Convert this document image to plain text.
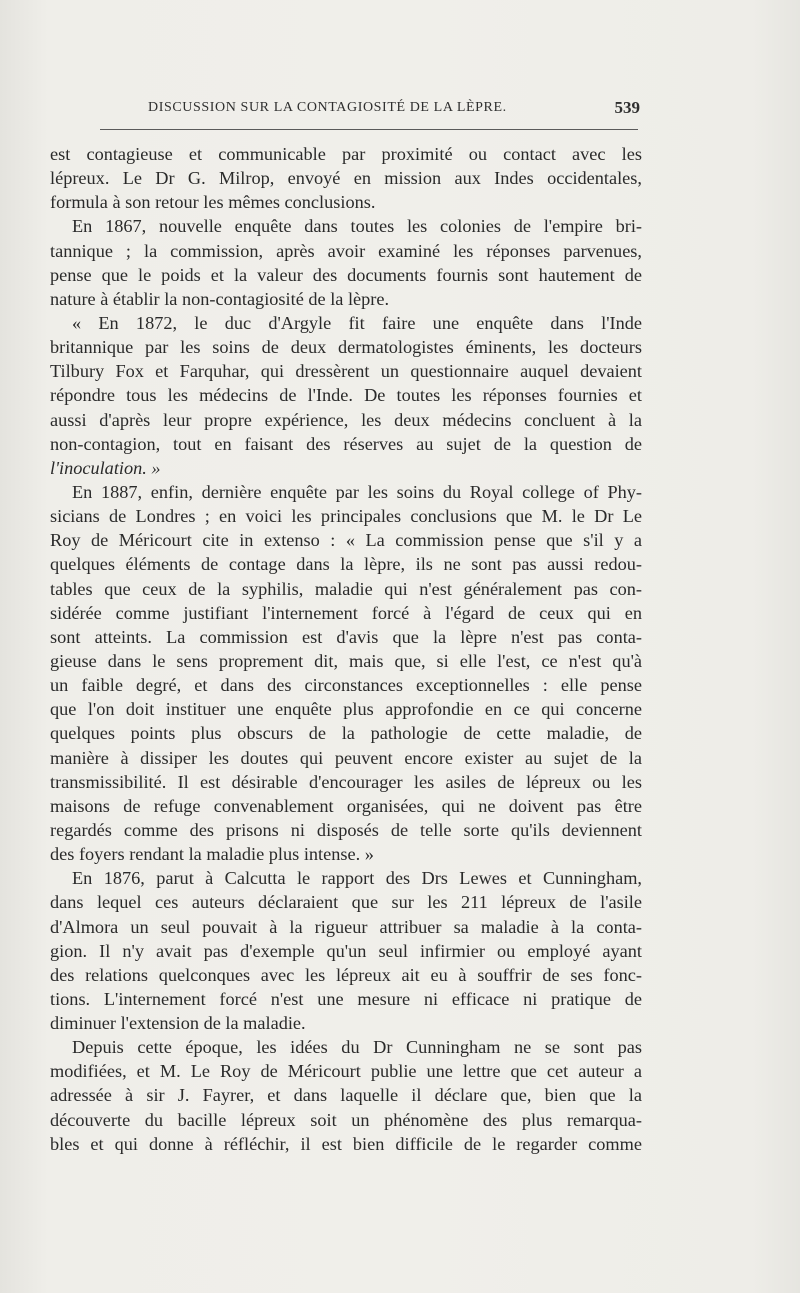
DISCUSSION SUR LA CONTAGIOSITÉ DE LA LÈPRE.	539
est contagieuse et communicable par proximité ou contact avec les
lépreux. Le Dr G. Milrop, envoyé en mission aux Indes occidentales,
formula à son retour les mêmes conclusions.
En 1867, nouvelle enquête dans toutes les colonies de l'empire bri-
tannique ; la commission, après avoir examiné les réponses parvenues,
pense que le poids et la valeur des documents fournis sont hautement de
nature à établir la non-contagiosité de la lèpre.
« En 1872, le duc d'Argyle fit faire une enquête dans l'Inde
britannique par les soins de deux dermatologistes éminents, les docteurs
Tilbury Fox et Farquhar, qui dressèrent un questionnaire auquel devaient
répondre tous les médecins de l'Inde. De toutes les réponses fournies et
aussi d'après leur propre expérience, les deux médecins concluent à la
non-contagion, tout en faisant des réserves au sujet de la question de
l'inoculation. »
En 1887, enfin, dernière enquête par les soins du Royal college of Phy-
sicians de Londres ; en voici les principales conclusions que M. le Dr Le
Roy de Méricourt cite in extenso : « La commission pense que s'il y a
quelques éléments de contage dans la lèpre, ils ne sont pas aussi redou-
tables que ceux de la syphilis, maladie qui n'est généralement pas con-
sidérée comme justifiant l'internement forcé à l'égard de ceux qui en
sont atteints. La commission est d'avis que la lèpre n'est pas conta-
gieuse dans le sens proprement dit, mais que, si elle l'est, ce n'est qu'à
un faible degré, et dans des circonstances exceptionnelles : elle pense
que l'on doit instituer une enquête plus approfondie en ce qui concerne
quelques points plus obscurs de la pathologie de cette maladie, de
manière à dissiper les doutes qui peuvent encore exister au sujet de la
transmissibilité. Il est désirable d'encourager les asiles de lépreux ou les
maisons de refuge convenablement organisées, qui ne doivent pas être
regardés comme des prisons ni disposés de telle sorte qu'ils deviennent
des foyers rendant la maladie plus intense. »
En 1876, parut à Calcutta le rapport des Drs Lewes et Cunningham,
dans lequel ces auteurs déclaraient que sur les 211 lépreux de l'asile
d'Almora un seul pouvait à la rigueur attribuer sa maladie à la conta-
gion. Il n'y avait pas d'exemple qu'un seul infirmier ou employé ayant
des relations quelconques avec les lépreux ait eu à souffrir de ses fonc-
tions. L'internement forcé n'est une mesure ni efficace ni pratique de
diminuer l'extension de la maladie.
Depuis cette époque, les idées du Dr Cunningham ne se sont pas
modifiées, et M. Le Roy de Méricourt publie une lettre que cet auteur a
adressée à sir J. Fayrer, et dans laquelle il déclare que, bien que la
découverte du bacille lépreux soit un phénomène des plus remarqua-
bles et qui donne à réfléchir, il est bien difficile de le regarder comme
